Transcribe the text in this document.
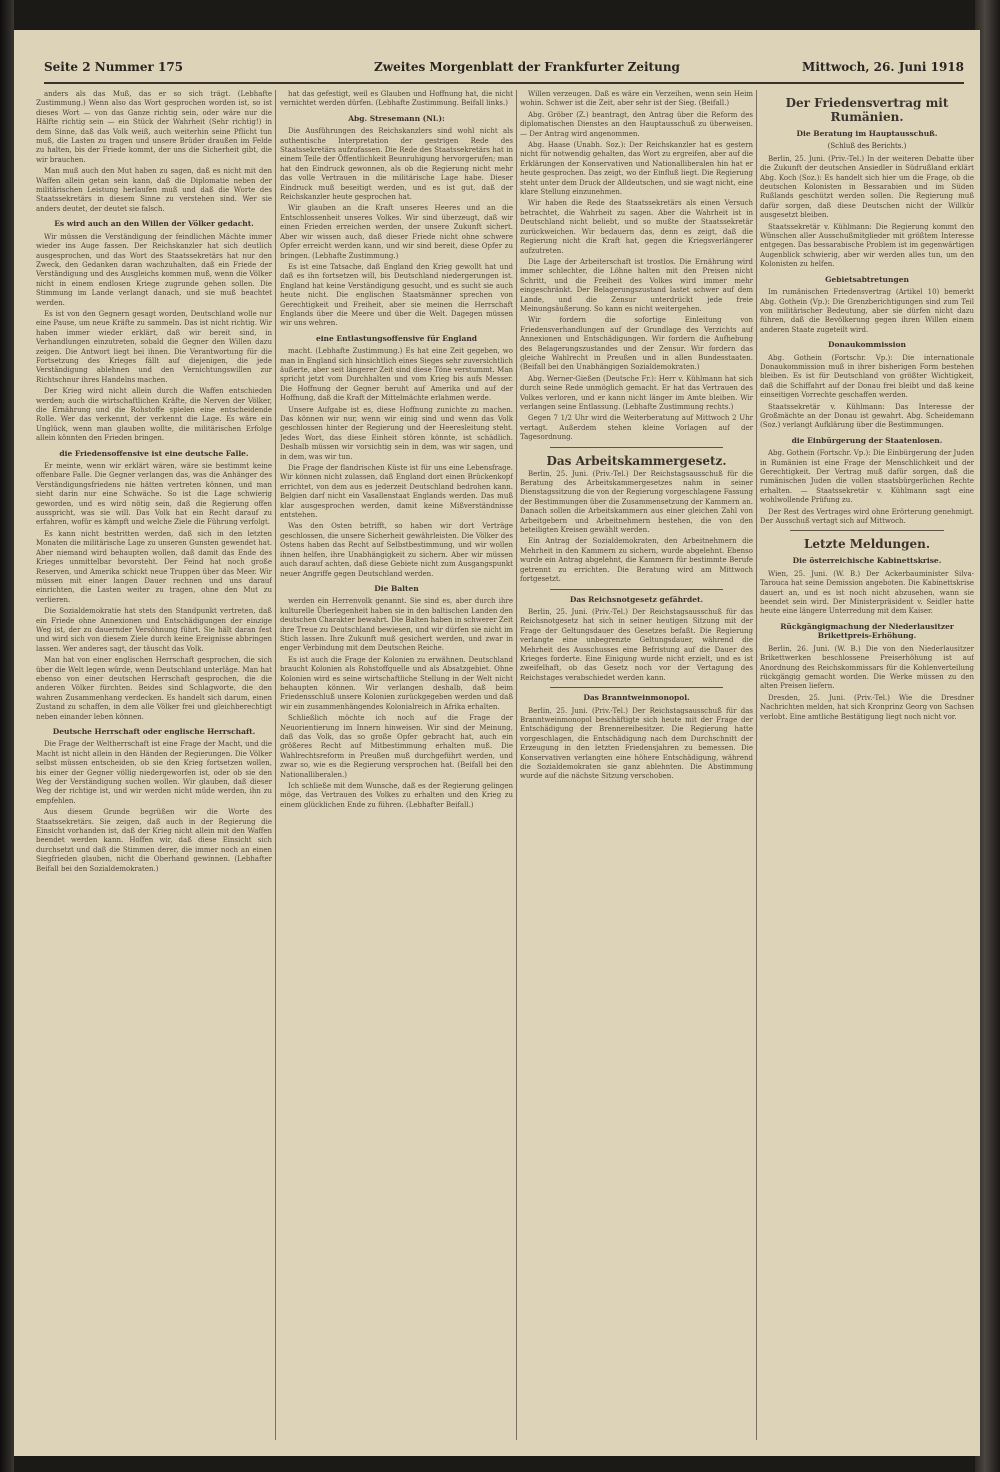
Seite 2 Nummer 175	Zweites Morgenblatt der Frankfurter Zeitung	Mittwoch, 26. Juni 1918

anders als das Muß, das er so sich trägt. (Lebhafte Zustimmung.) Wenn also das Wort gesprochen worden ist, so ist dieses Wort — von das Ganze richtig sein, oder wäre nur die Hälfte richtig sein — ein Stück der Wahrheit (Sehr richtig!) in dem Sinne, daß das Volk weiß, auch weiterhin seine Pflicht tun muß, die Lasten zu tragen und unsere Brüder draußen im Felde zu halten, bis der Friede kommt, der uns die Sicherheit gibt, die wir brauchen.

Man muß auch den Mut haben zu sagen, daß es nicht mit den Waffen allein getan sein kann, daß die Diplomatie neben der militärischen Leistung herlaufen muß und daß die Worte des Staatssekretärs in diesem Sinne zu verstehen sind. Wer sie anders deutet, der deutet sie falsch.

Es wird auch an den Willen der Völker gedacht.

Wir müssen die Verständigung der feindlichen Mächte immer wieder ins Auge fassen. Der Reichskanzler hat sich deutlich ausgesprochen, und das Wort des Staatssekretärs hat nur den Zweck, den Gedanken daran wachzuhalten, daß ein Friede der Verständigung und des Ausgleichs kommen muß, wenn die Völker nicht in einem endlosen Kriege zugrunde gehen sollen. Die Stimmung im Lande verlangt danach, und sie muß beachtet werden.

Es ist von den Gegnern gesagt worden, Deutschland wolle nur eine Pause, um neue Kräfte zu sammeln. Das ist nicht richtig. Wir haben immer wieder erklärt, daß wir bereit sind, in Verhandlungen einzutreten, sobald die Gegner den Willen dazu zeigen. Die Antwort liegt bei ihnen. Die Verantwortung für die Fortsetzung des Krieges fällt auf diejenigen, die jede Verständigung ablehnen und den Vernichtungswillen zur Richtschnur ihres Handelns machen.

Der Krieg wird nicht allein durch die Waffen entschieden werden; auch die wirtschaftlichen Kräfte, die Nerven der Völker, die Ernährung und die Rohstoffe spielen eine entscheidende Rolle. Wer das verkennt, der verkennt die Lage. Es wäre ein Unglück, wenn man glauben wollte, die militärischen Erfolge allein könnten den Frieden bringen.

die Friedensoffensive ist eine deutsche Falle.

Er meinte, wenn wir erklärt wären, wäre sie bestimmt keine offenbare Falle. Die Gegner verlangen das, was die Anhänger des Verständigungsfriedens nie hätten vertreten können, und man sieht darin nur eine Schwäche. So ist die Lage schwierig geworden, und es wird nötig sein, daß die Regierung offen ausspricht, was sie will. Das Volk hat ein Recht darauf zu erfahren, wofür es kämpft und welche Ziele die Führung verfolgt.

Es kann nicht bestritten werden, daß sich in den letzten Monaten die militärische Lage zu unseren Gunsten gewendet hat. Aber niemand wird behaupten wollen, daß damit das Ende des Krieges unmittelbar bevorsteht. Der Feind hat noch große Reserven, und Amerika schickt neue Truppen über das Meer. Wir müssen mit einer langen Dauer rechnen und uns darauf einrichten, die Lasten weiter zu tragen, ohne den Mut zu verlieren.

Die Sozialdemokratie hat stets den Standpunkt vertreten, daß ein Friede ohne Annexionen und Entschädigungen der einzige Weg ist, der zu dauernder Versöhnung führt. Sie hält daran fest und wird sich von diesem Ziele durch keine Ereignisse abbringen lassen. Wer anderes sagt, der täuscht das Volk.

Man hat von einer englischen Herrschaft gesprochen, die sich über die Welt legen würde, wenn Deutschland unterläge. Man hat ebenso von einer deutschen Herrschaft gesprochen, die die anderen Völker fürchten. Beides sind Schlagworte, die den wahren Zusammenhang verdecken. Es handelt sich darum, einen Zustand zu schaffen, in dem alle Völker frei und gleichberechtigt neben einander leben können.

Deutsche Herrschaft oder englische Herrschaft.

Die Frage der Weltherrschaft ist eine Frage der Macht, und die Macht ist nicht allein in den Händen der Regierungen. Die Völker selbst müssen entscheiden, ob sie den Krieg fortsetzen wollen, bis einer der Gegner völlig niedergeworfen ist, oder ob sie den Weg der Verständigung suchen wollen. Wir glauben, daß dieser Weg der richtige ist, und wir werden nicht müde werden, ihn zu empfehlen.

Aus diesem Grunde begrüßen wir die Worte des Staatssekretärs. Sie zeigen, daß auch in der Regierung die Einsicht vorhanden ist, daß der Krieg nicht allein mit den Waffen beendet werden kann. Hoffen wir, daß diese Einsicht sich durchsetzt und daß die Stimmen derer, die immer noch an einen Siegfrieden glauben, nicht die Oberhand gewinnen. (Lebhafter Beifall bei den Sozialdemokraten.)

hat das gefestigt, weil es Glauben und Hoffnung hat, die nicht vernichtet werden dürfen. (Lebhafte Zustimmung. Beifall links.)

Abg. Stresemann (Nl.):

Die Ausführungen des Reichskanzlers sind wohl nicht als authentische Interpretation der gestrigen Rede des Staatssekretärs aufzufassen. Die Rede des Staatssekretärs hat in einem Teile der Öffentlichkeit Beunruhigung hervorgerufen; man hat den Eindruck gewonnen, als ob die Regierung nicht mehr das volle Vertrauen in die militärische Lage habe. Dieser Eindruck muß beseitigt werden, und es ist gut, daß der Reichskanzler heute gesprochen hat.

Wir glauben an die Kraft unseres Heeres und an die Entschlossenheit unseres Volkes. Wir sind überzeugt, daß wir einen Frieden erreichen werden, der unsere Zukunft sichert. Aber wir wissen auch, daß dieser Friede nicht ohne schwere Opfer erreicht werden kann, und wir sind bereit, diese Opfer zu bringen. (Lebhafte Zustimmung.)

Es ist eine Tatsache, daß England den Krieg gewollt hat und daß es ihn fortsetzen will, bis Deutschland niedergerungen ist. England hat keine Verständigung gesucht, und es sucht sie auch heute nicht. Die englischen Staatsmänner sprechen von Gerechtigkeit und Freiheit, aber sie meinen die Herrschaft Englands über die Meere und über die Welt. Dagegen müssen wir uns wehren.

eine Entlastungsoffensive für England

macht. (Lebhafte Zustimmung.) Es hat eine Zeit gegeben, wo man in England sich hinsichtlich eines Sieges sehr zuversichtlich äußerte, aber seit längerer Zeit sind diese Töne verstummt. Man spricht jetzt vom Durchhalten und vom Krieg bis aufs Messer. Die Hoffnung der Gegner beruht auf Amerika und auf der Hoffnung, daß die Kraft der Mittelmächte erlahmen werde.

Unsere Aufgabe ist es, diese Hoffnung zunichte zu machen. Das können wir nur, wenn wir einig sind und wenn das Volk geschlossen hinter der Regierung und der Heeresleitung steht. Jedes Wort, das diese Einheit stören könnte, ist schädlich. Deshalb müssen wir vorsichtig sein in dem, was wir sagen, und in dem, was wir tun.

Die Frage der flandrischen Küste ist für uns eine Lebensfrage. Wir können nicht zulassen, daß England dort einen Brückenkopf errichtet, von dem aus es jederzeit Deutschland bedrohen kann. Belgien darf nicht ein Vasallenstaat Englands werden. Das muß klar ausgesprochen werden, damit keine Mißverständnisse entstehen.

Was den Osten betrifft, so haben wir dort Verträge geschlossen, die unsere Sicherheit gewährleisten. Die Völker des Ostens haben das Recht auf Selbstbestimmung, und wir wollen ihnen helfen, ihre Unabhängigkeit zu sichern. Aber wir müssen auch darauf achten, daß diese Gebiete nicht zum Ausgangspunkt neuer Angriffe gegen Deutschland werden.

Die Balten

werden ein Herrenvolk genannt. Sie sind es, aber durch ihre kulturelle Überlegenheit haben sie in den baltischen Landen den deutschen Charakter bewahrt. Die Balten haben in schwerer Zeit ihre Treue zu Deutschland bewiesen, und wir dürfen sie nicht im Stich lassen. Ihre Zukunft muß gesichert werden, und zwar in enger Verbindung mit dem Deutschen Reiche.

Es ist auch die Frage der Kolonien zu erwähnen. Deutschland braucht Kolonien als Rohstoffquelle und als Absatzgebiet. Ohne Kolonien wird es seine wirtschaftliche Stellung in der Welt nicht behaupten können. Wir verlangen deshalb, daß beim Friedensschluß unsere Kolonien zurückgegeben werden und daß wir ein zusammenhängendes Kolonialreich in Afrika erhalten.

Schließlich möchte ich noch auf die Frage der Neuorientierung im Innern hinweisen. Wir sind der Meinung, daß das Volk, das so große Opfer gebracht hat, auch ein größeres Recht auf Mitbestimmung erhalten muß. Die Wahlrechtsreform in Preußen muß durchgeführt werden, und zwar so, wie es die Regierung versprochen hat. (Beifall bei den Nationalliberalen.)

Ich schließe mit dem Wunsche, daß es der Regierung gelingen möge, das Vertrauen des Volkes zu erhalten und den Krieg zu einem glücklichen Ende zu führen. (Lebhafter Beifall.)

Willen verzeugen. Daß es wäre ein Verzeihen, wenn sein Heim wohin. Schwer ist die Zeit, aber sehr ist der Sieg. (Beifall.)

Abg. Gröber (Z.) beantragt, den Antrag über die Reform des diplomatischen Dienstes an den Hauptausschuß zu überweisen. — Der Antrag wird angenommen.

Abg. Haase (Unabh. Soz.): Der Reichskanzler hat es gestern nicht für notwendig gehalten, das Wort zu ergreifen, aber auf die Erklärungen der Konservativen und Nationalliberalen hin hat er heute gesprochen. Das zeigt, wo der Einfluß liegt. Die Regierung steht unter dem Druck der Alldeutschen, und sie wagt nicht, eine klare Stellung einzunehmen.

Wir haben die Rede des Staatssekretärs als einen Versuch betrachtet, die Wahrheit zu sagen. Aber die Wahrheit ist in Deutschland nicht beliebt, und so mußte der Staatssekretär zurückweichen. Wir bedauern das, denn es zeigt, daß die Regierung nicht die Kraft hat, gegen die Kriegsverlängerer aufzutreten.

Die Lage der Arbeiterschaft ist trostlos. Die Ernährung wird immer schlechter, die Löhne halten mit den Preisen nicht Schritt, und die Freiheit des Volkes wird immer mehr eingeschränkt. Der Belagerungszustand lastet schwer auf dem Lande, und die Zensur unterdrückt jede freie Meinungsäußerung. So kann es nicht weitergehen.

Wir fordern die sofortige Einleitung von Friedensverhandlungen auf der Grundlage des Verzichts auf Annexionen und Entschädigungen. Wir fordern die Aufhebung des Belagerungszustandes und der Zensur. Wir fordern das gleiche Wahlrecht in Preußen und in allen Bundesstaaten. (Beifall bei den Unabhängigen Sozialdemokraten.)

Abg. Werner-Gießen (Deutsche Fr.): Herr v. Kühlmann hat sich durch seine Rede unmöglich gemacht. Er hat das Vertrauen des Volkes verloren, und er kann nicht länger im Amte bleiben. Wir verlangen seine Entlassung. (Lebhafte Zustimmung rechts.)

Gegen 7 1/2 Uhr wird die Weiterberatung auf Mittwoch 2 Uhr vertagt. Außerdem stehen kleine Vorlagen auf der Tagesordnung.

Das Arbeitskammergesetz.

Berlin, 25. Juni. (Priv.-Tel.) Der Reichstagsausschuß für die Beratung des Arbeitskammergesetzes nahm in seiner Dienstagssitzung die von der Regierung vorgeschlagene Fassung der Bestimmungen über die Zusammensetzung der Kammern an. Danach sollen die Arbeitskammern aus einer gleichen Zahl von Arbeitgebern und Arbeitnehmern bestehen, die von den beteiligten Kreisen gewählt werden.

Ein Antrag der Sozialdemokraten, den Arbeitnehmern die Mehrheit in den Kammern zu sichern, wurde abgelehnt. Ebenso wurde ein Antrag abgelehnt, die Kammern für bestimmte Berufe getrennt zu errichten. Die Beratung wird am Mittwoch fortgesetzt.

Das Reichsnotgesetz gefährdet.

Berlin, 25. Juni. (Priv.-Tel.) Der Reichstagsausschuß für das Reichsnotgesetz hat sich in seiner heutigen Sitzung mit der Frage der Geltungsdauer des Gesetzes befaßt. Die Regierung verlangte eine unbegrenzte Geltungsdauer, während die Mehrheit des Ausschusses eine Befristung auf die Dauer des Krieges forderte. Eine Einigung wurde nicht erzielt, und es ist zweifelhaft, ob das Gesetz noch vor der Vertagung des Reichstages verabschiedet werden kann.

Das Branntweinmonopol.

Berlin, 25. Juni. (Priv.-Tel.) Der Reichstagsausschuß für das Branntweinmonopol beschäftigte sich heute mit der Frage der Entschädigung der Brennereibesitzer. Die Regierung hatte vorgeschlagen, die Entschädigung nach dem Durchschnitt der Erzeugung in den letzten Friedensjahren zu bemessen. Die Konservativen verlangten eine höhere Entschädigung, während die Sozialdemokraten sie ganz ablehnten. Die Abstimmung wurde auf die nächste Sitzung verschoben.

Der Friedensvertrag mit Rumänien.
Die Beratung im Hauptausschuß.
(Schluß des Berichts.)

Berlin, 25. Juni. (Priv.-Tel.) In der weiteren Debatte über die Zukunft der deutschen Ansiedler in Südrußland erklärt Abg. Koch (Soz.): Es handelt sich hier um die Frage, ob die deutschen Kolonisten in Bessarabien und im Süden Rußlands geschützt werden sollen. Die Regierung muß dafür sorgen, daß diese Deutschen nicht der Willkür ausgesetzt bleiben.

Staatssekretär v. Kühlmann: Die Regierung kommt den Wünschen aller Ausschußmitglieder mit größtem Interesse entgegen. Das bessarabische Problem ist im gegenwärtigen Augenblick schwierig, aber wir werden alles tun, um den Kolonisten zu helfen.

Gebietsabtretungen

Im rumänischen Friedensvertrag (Artikel 10) bemerkt Abg. Gothein (Vp.): Die Grenzberichtigungen sind zum Teil von militärischer Bedeutung, aber sie dürfen nicht dazu führen, daß die Bevölkerung gegen ihren Willen einem anderen Staate zugeteilt wird.

Donaukommission

Abg. Gothein (Fortschr. Vp.): Die internationale Donaukommission muß in ihrer bisherigen Form bestehen bleiben. Es ist für Deutschland von größter Wichtigkeit, daß die Schiffahrt auf der Donau frei bleibt und daß keine einseitigen Vorrechte geschaffen werden.

Staatssekretär v. Kühlmann: Das Interesse der Großmächte an der Donau ist gewahrt. Abg. Scheidemann (Soz.) verlangt Aufklärung über die Bestimmungen.

die Einbürgerung der Staatenlosen.

Abg. Gothein (Fortschr. Vp.): Die Einbürgerung der Juden in Rumänien ist eine Frage der Menschlichkeit und der Gerechtigkeit. Der Vertrag muß dafür sorgen, daß die rumänischen Juden die vollen staatsbürgerlichen Rechte erhalten. — Staatssekretär v. Kühlmann sagt eine wohlwollende Prüfung zu.

Der Rest des Vertrages wird ohne Erörterung genehmigt. Der Ausschuß vertagt sich auf Mittwoch.

Letzte Meldungen.
Die österreichische Kabinettskrise.

Wien, 25. Juni. (W. B.) Der Ackerbauminister Silva-Tarouca hat seine Demission angeboten. Die Kabinettskrise dauert an, und es ist noch nicht abzusehen, wann sie beendet sein wird. Der Ministerpräsident v. Seidler hatte heute eine längere Unterredung mit dem Kaiser.

Rückgängigmachung der Niederlausitzer Brikettpreis-Erhöhung.

Berlin, 26. Juni. (W. B.) Die von den Niederlausitzer Brikettwerken beschlossene Preiserhöhung ist auf Anordnung des Reichskommissars für die Kohlenverteilung rückgängig gemacht worden. Die Werke müssen zu den alten Preisen liefern.

Dresden, 25. Juni. (Priv.-Tel.) Wie die Dresdner Nachrichten melden, hat sich Kronprinz Georg von Sachsen verlobt. Eine amtliche Bestätigung liegt noch nicht vor.
